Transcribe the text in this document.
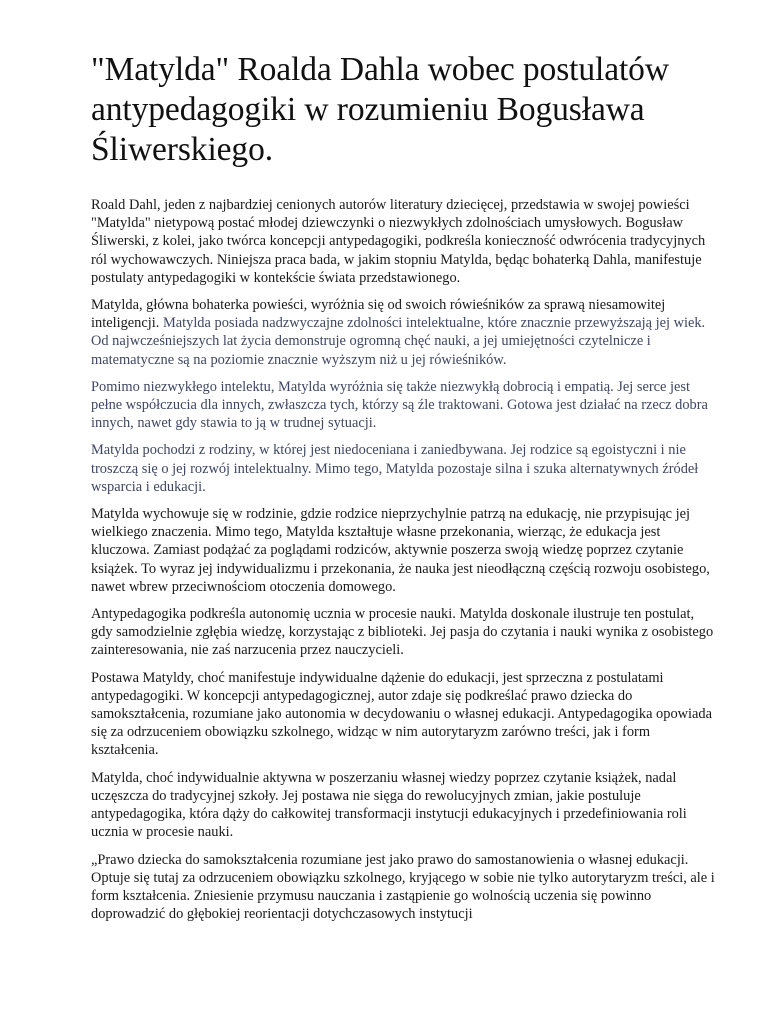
"Matylda" Roalda Dahla wobec postulatów antypedagogiki w rozumieniu Bogusława Śliwerskiego.

Roald Dahl, jeden z najbardziej cenionych autorów literatury dziecięcej, przedstawia w swojej powieści "Matylda" nietypową postać młodej dziewczynki o niezwykłych zdolnościach umysłowych. Bogusław Śliwerski, z kolei, jako twórca koncepcji antypedagogiki, podkreśla konieczność odwrócenia tradycyjnych ról wychowawczych. Niniejsza praca bada, w jakim stopniu Matylda, będąc bohaterką Dahla, manifestuje postulaty antypedagogiki w kontekście świata przedstawionego.

Matylda, główna bohaterka powieści, wyróżnia się od swoich rówieśników za sprawą niesamowitej inteligencji. Matylda posiada nadzwyczajne zdolności intelektualne, które znacznie przewyższają jej wiek. Od najwcześniejszych lat życia demonstruje ogromną chęć nauki, a jej umiejętności czytelnicze i matematyczne są na poziomie znacznie wyższym niż u jej rówieśników.

Pomimo niezwykłego intelektu, Matylda wyróżnia się także niezwykłą dobrocią i empatią. Jej serce jest pełne współczucia dla innych, zwłaszcza tych, którzy są źle traktowani. Gotowa jest działać na rzecz dobra innych, nawet gdy stawia to ją w trudnej sytuacji.

Matylda pochodzi z rodziny, w której jest niedoceniana i zaniedbywana. Jej rodzice są egoistyczni i nie troszczą się o jej rozwój intelektualny. Mimo tego, Matylda pozostaje silna i szuka alternatywnych źródeł wsparcia i edukacji.

Matylda wychowuje się w rodzinie, gdzie rodzice nieprzychylnie patrzą na edukację, nie przypisując jej wielkiego znaczenia. Mimo tego, Matylda kształtuje własne przekonania, wierząc, że edukacja jest kluczowa. Zamiast podążać za poglądami rodziców, aktywnie poszerza swoją wiedzę poprzez czytanie książek. To wyraz jej indywidualizmu i przekonania, że nauka jest nieodłączną częścią rozwoju osobistego, nawet wbrew przeciwnościom otoczenia domowego.

Antypedagogika podkreśla autonomię ucznia w procesie nauki. Matylda doskonale ilustruje ten postulat, gdy samodzielnie zgłębia wiedzę, korzystając z biblioteki. Jej pasja do czytania i nauki wynika z osobistego zainteresowania, nie zaś narzucenia przez nauczycieli.

Postawa Matyldy, choć manifestuje indywidualne dążenie do edukacji, jest sprzeczna z postulatami antypedagogiki. W koncepcji antypedagogicznej, autor zdaje się podkreślać prawo dziecka do samokształcenia, rozumiane jako autonomia w decydowaniu o własnej edukacji. Antypedagogika opowiada się za odrzuceniem obowiązku szkolnego, widząc w nim autorytaryzm zarówno treści, jak i form kształcenia.

Matylda, choć indywidualnie aktywna w poszerzaniu własnej wiedzy poprzez czytanie książek, nadal uczęszcza do tradycyjnej szkoły. Jej postawa nie sięga do rewolucyjnych zmian, jakie postuluje antypedagogika, która dąży do całkowitej transformacji instytucji edukacyjnych i przedefiniowania roli ucznia w procesie nauki.

„Prawo dziecka do samokształcenia rozumiane jest jako prawo do samostanowienia o własnej edukacji. Optuje się tutaj za odrzuceniem obowiązku szkolnego, kryjącego w sobie nie tylko autorytaryzm treści, ale i form kształcenia. Zniesienie przymusu nauczania i zastąpienie go wolnością uczenia się powinno doprowadzić do głębokiej reorientacji dotychczasowych instytucji
